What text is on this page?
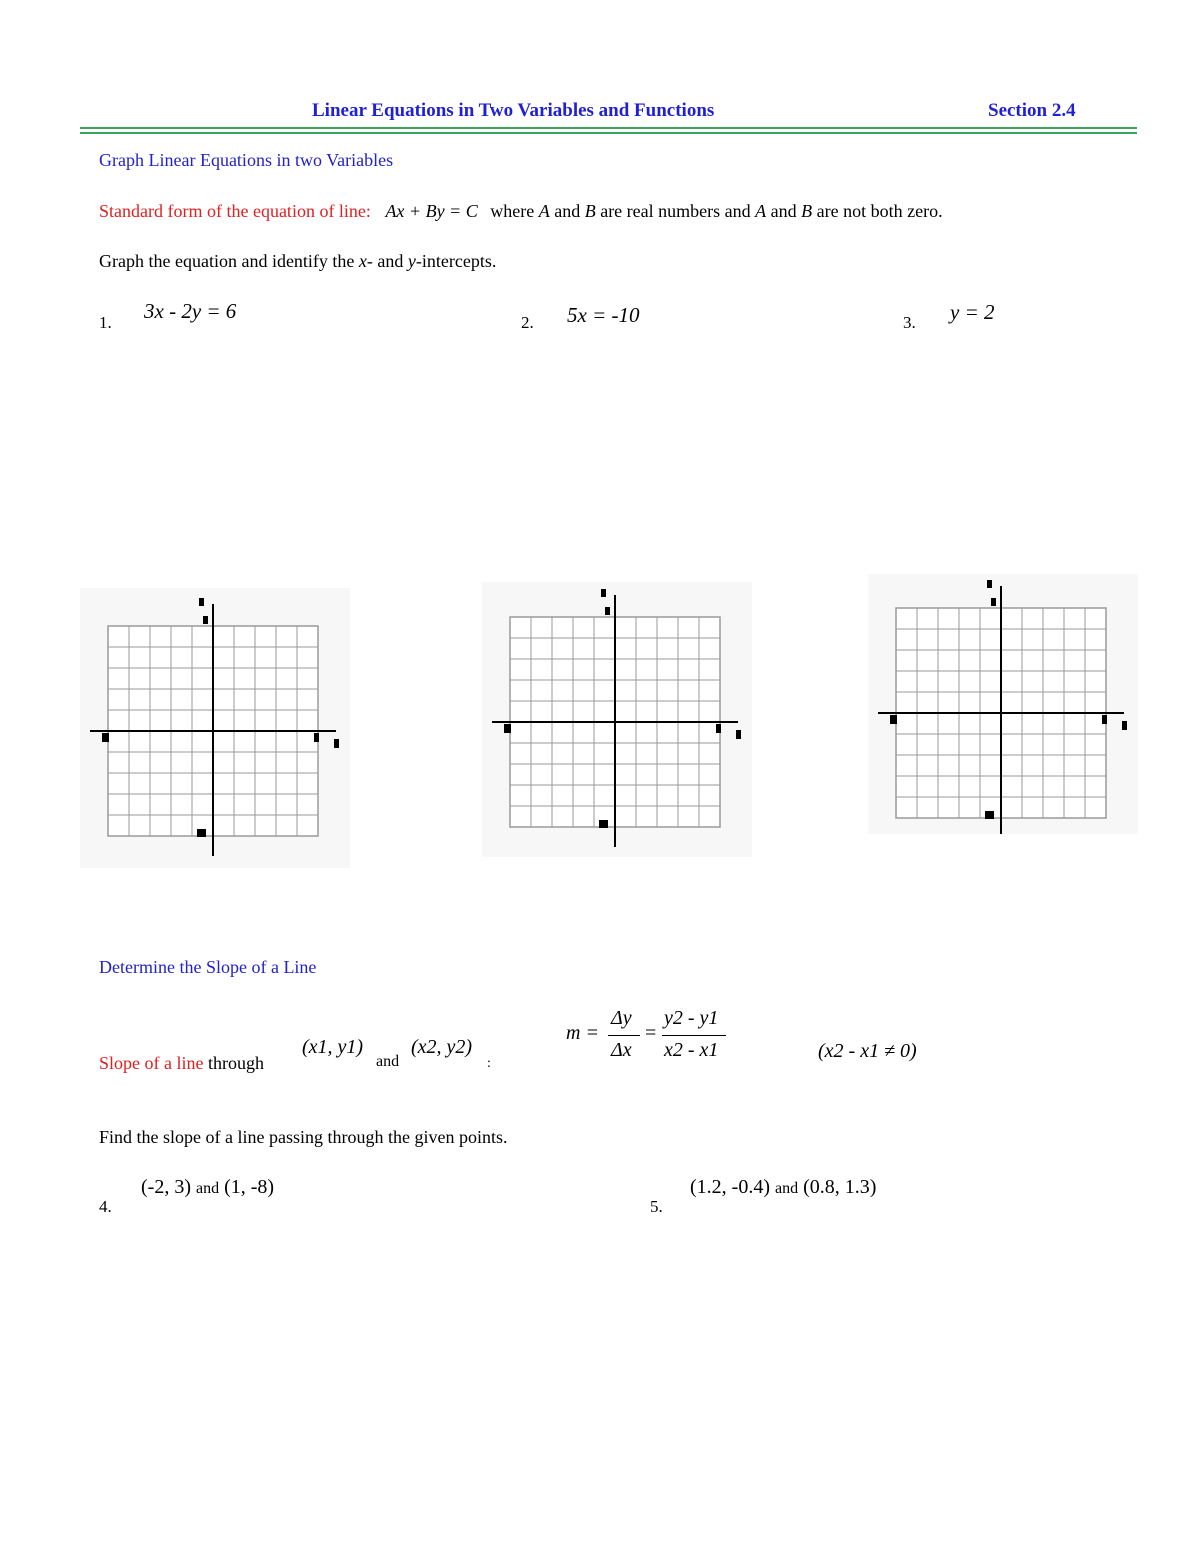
Linear Equations in Two Variables and Functions	Section 2.4
Graph Linear Equations in two Variables
Standard form of the equation of line: Ax + By = C where A and B are real numbers and A and B are not both zero.
Graph the equation and identify the x- and y-intercepts.
1. 3x - 2y = 6	2. 5x = -10	3. y = 2
Determine the Slope of a Line
Slope of a line through
(x1, y1)
and
(x2, y2)
:
m =
Δy
Δx
=
y2 - y1
x2 - x1	(x2 - x1 ≠ 0)
Find the slope of a line passing through the given points.
4.
(-2, 3) and (1, -8)
5.
(1.2, -0.4) and (0.8, 1.3)
